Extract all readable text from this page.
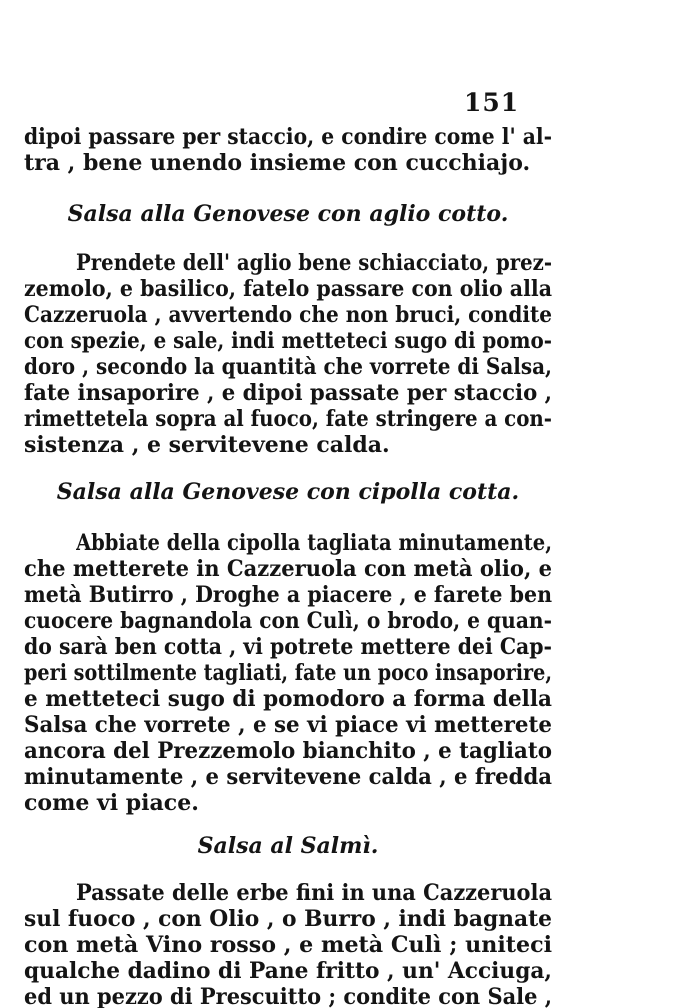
151
dipoi passare per staccio, e condire come l' al-
tra , bene unendo insieme con cucchiajo.
Salsa alla Genovese con aglio cotto.
Prendete dell' aglio bene schiacciato, prez-
zemolo, e basilico, fatelo passare con olio alla
Cazzeruola , avvertendo che non bruci, condite
con spezie, e sale, indi metteteci sugo di pomo-
doro , secondo la quantità che vorrete di Salsa,
fate insaporire , e dipoi passate per staccio ,
rimettetela sopra al fuoco, fate stringere a con-
sistenza , e servitevene calda.
Salsa alla Genovese con cipolla cotta.
Abbiate della cipolla tagliata minutamente,
che metterete in Cazzeruola con metà olio, e
metà Butirro , Droghe a piacere , e farete ben
cuocere bagnandola con Culì, o brodo, e quan-
do sarà ben cotta , vi potrete mettere dei Cap-
peri sottilmente tagliati, fate un poco insaporire,
e metteteci sugo di pomodoro a forma della
Salsa che vorrete , e se vi piace vi metterete
ancora del Prezzemolo bianchito , e tagliato
minutamente , e servitevene calda , e fredda
come vi piace.
Salsa al Salmì.
Passate delle erbe fini in una Cazzeruola
sul fuoco , con Olio , o Burro , indi bagnate
con metà Vino rosso , e metà Culì ; uniteci
qualche dadino di Pane fritto , un' Acciuga,
ed un pezzo di Prescuitto ; condite con Sale ,
